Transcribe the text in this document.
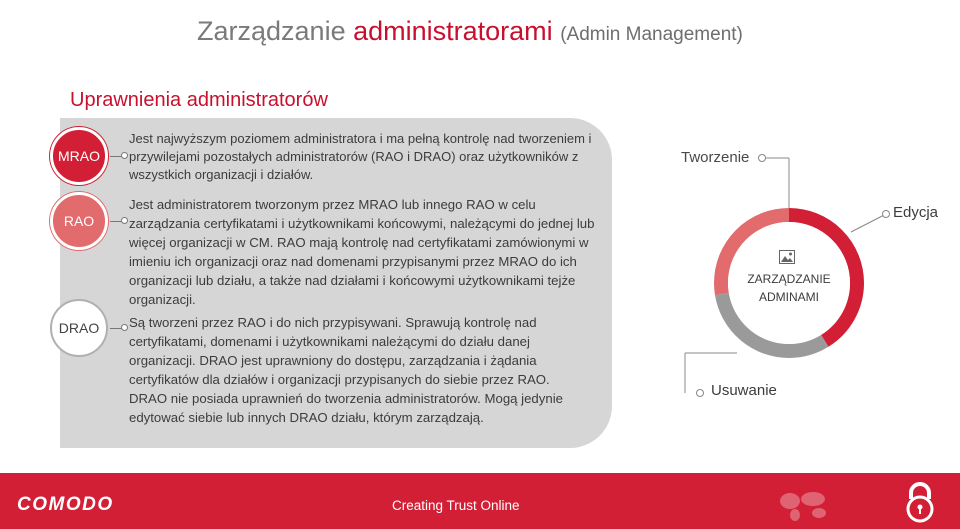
Zarządzanie administratorami (Admin Management)
Uprawnienia administratorów
MRAO
RAO
DRAO
Jest najwyższym poziomem administratora i ma pełną kontrolę nad tworzeniem i przywilejami pozostałych administratorów (RAO i DRAO) oraz użytkowników z wszystkich organizacji i działów.
Jest administratorem tworzonym przez MRAO lub innego RAO w celu zarządzania certyfikatami i użytkownikami końcowymi, należącymi do jednej lub więcej organizacji w CM. RAO mają kontrolę nad certyfikatami zamówionymi w imieniu ich organizacji oraz nad domenami przypisanymi przez MRAO do ich organizacji lub działu, a także nad działami i końcowymi użytkownikami tejże organizacji.
Są tworzeni przez RAO i do nich przypisywani. Sprawują kontrolę nad certyfikatami, domenami i użytkownikami należącymi do działu danej organizacji. DRAO jest uprawniony do dostępu, zarządzania i żądania certyfikatów dla działów i organizacji przypisanych do siebie przez RAO. DRAO nie posiada uprawnień do tworzenia administratorów. Mogą jedynie edytować siebie lub innych DRAO działu, którym zarządzają.
ZARZĄDZANIE
ADMINAMI
Tworzenie
Edycja
Usuwanie
COMODO	Creating Trust Online
